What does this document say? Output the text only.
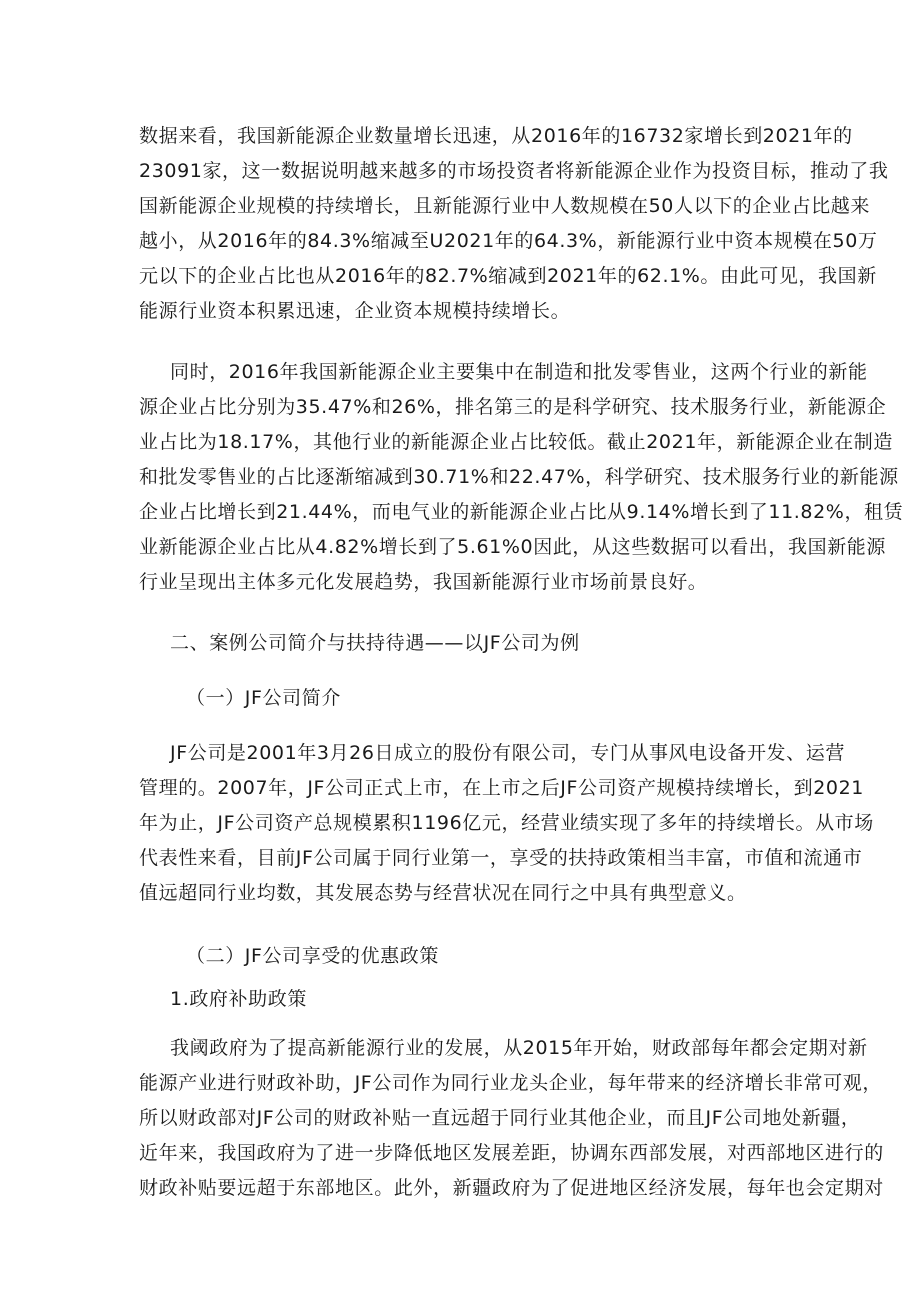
数据来看，我国新能源企业数量增长迅速，从2016年的16732家增长到2021年的
23091家，这一数据说明越来越多的市场投资者将新能源企业作为投资目标，推动了我
国新能源企业规模的持续增长，且新能源行业中人数规模在50人以下的企业占比越来
越小，从2016年的84.3%缩减至U2021年的64.3%，新能源行业中资本规模在50万
元以下的企业占比也从2016年的82.7%缩减到2021年的62.1%。由此可见，我国新
能源行业资本积累迅速，企业资本规模持续增长。
同时，2016年我国新能源企业主要集中在制造和批发零售业，这两个行业的新能
源企业占比分别为35.47%和26%，排名第三的是科学研究、技术服务行业，新能源企
业占比为18.17%，其他行业的新能源企业占比较低。截止2021年，新能源企业在制造
和批发零售业的占比逐渐缩减到30.71%和22.47%，科学研究、技术服务行业的新能源
企业占比增长到21.44%，而电气业的新能源企业占比从9.14%增长到了11.82%，租赁
业新能源企业占比从4.82%增长到了5.61%0因此，从这些数据可以看出，我国新能源
行业呈现出主体多元化发展趋势，我国新能源行业市场前景良好。
二、案例公司简介与扶持待遇——以JF公司为例
（一）JF公司简介
JF公司是2001年3月26日成立的股份有限公司，专门从事风电设备开发、运营
管理的。2007年，JF公司正式上市，在上市之后JF公司资产规模持续增长，到2021
年为止，JF公司资产总规模累积1196亿元，经营业绩实现了多年的持续增长。从市场
代表性来看，目前JF公司属于同行业第一，享受的扶持政策相当丰富，市值和流通市
值远超同行业均数，其发展态势与经营状况在同行之中具有典型意义。
（二）JF公司享受的优惠政策
1.政府补助政策
我阈政府为了提高新能源行业的发展，从2015年开始，财政部每年都会定期对新
能源产业进行财政补助，JF公司作为同行业龙头企业，每年带来的经济增长非常可观，
所以财政部对JF公司的财政补贴一直远超于同行业其他企业，而且JF公司地处新疆，
近年来，我国政府为了进一步降低地区发展差距，协调东西部发展，对西部地区进行的
财政补贴要远超于东部地区。此外，新疆政府为了促进地区经济发展，每年也会定期对
